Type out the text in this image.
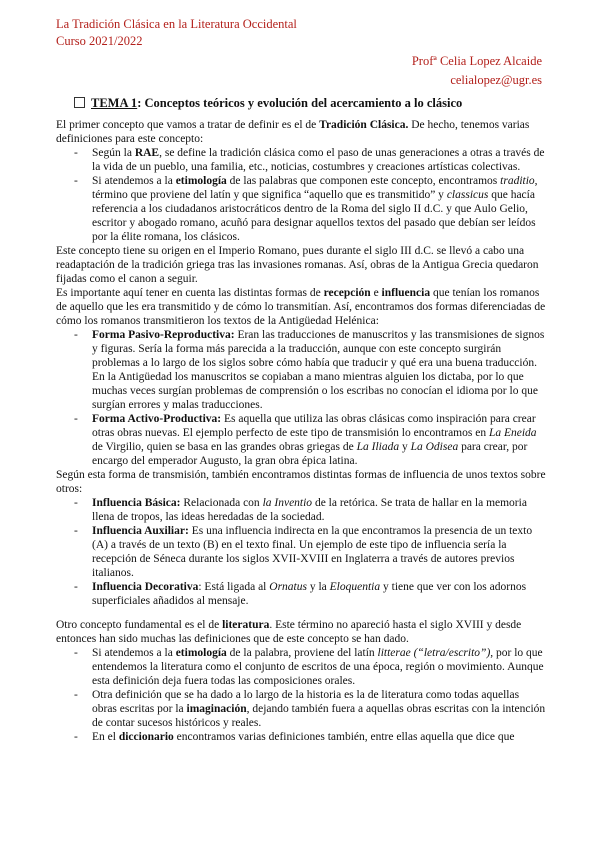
La Tradición Clásica en la Literatura Occidental
Curso 2021/2022
Profª Celia Lopez Alcaide
celialopez@ugr.es
TEMA 1: Conceptos teóricos y evolución del acercamiento a lo clásico

El primer concepto que vamos a tratar de definir es el de Tradición Clásica. De hecho, tenemos varias definiciones para este concepto:

- Según la RAE, se define la tradición clásica como el paso de unas generaciones a otras a través de la vida de un pueblo, una familia, etc., noticias, costumbres y creaciones artísticas colectivas.
- Si atendemos a la etimología de las palabras que componen este concepto, encontramos traditio, término que proviene del latín y que significa “aquello que es transmitido” y classicus que hacía referencia a los ciudadanos aristocráticos dentro de la Roma del siglo II d.C. y que Aulo Gelio, escritor y abogado romano, acuñó para designar aquellos textos del pasado que debían ser leídos por la élite romana, los clásicos.

Este concepto tiene su origen en el Imperio Romano, pues durante el siglo III d.C. se llevó a cabo una readaptación de la tradición griega tras las invasiones romanas. Así, obras de la Antigua Grecia quedaron fijadas como el canon a seguir.

Es importante aquí tener en cuenta las distintas formas de recepción e influencia que tenían los romanos de aquello que les era transmitido y de cómo lo transmitían. Así, encontramos dos formas diferenciadas de cómo los romanos transmitieron los textos de la Antigüedad Helénica:

- Forma Pasivo-Reproductiva: Eran las traducciones de manuscritos y las transmisiones de signos y figuras. Sería la forma más parecida a la traducción, aunque con este concepto surgirán problemas a lo largo de los siglos sobre cómo había que traducir y qué era una buena traducción. En la Antigüedad los manuscritos se copiaban a mano mientras alguien los dictaba, por lo que muchas veces surgían problemas de comprensión o los escribas no conocían el idioma por lo que surgían errores y malas traducciones.
- Forma Activo-Productiva: Es aquella que utiliza las obras clásicas como inspiración para crear otras obras nuevas. El ejemplo perfecto de este tipo de transmisión lo encontramos en La Eneida de Virgilio, quien se basa en las grandes obras griegas de La Iliada y La Odisea para crear, por encargo del emperador Augusto, la gran obra épica latina.

Según esta forma de transmisión, también encontramos distintas formas de influencia de unos textos sobre otros:

- Influencia Básica: Relacionada con la Inventio de la retórica. Se trata de hallar en la memoria llena de tropos, las ideas heredadas de la sociedad.
- Influencia Auxiliar: Es una influencia indirecta en la que encontramos la presencia de un texto (A) a través de un texto (B) en el texto final. Un ejemplo de este tipo de influencia sería la recepción de Séneca durante los siglos XVII-XVIII en Inglaterra a través de autores previos italianos.
- Influencia Decorativa: Está ligada al Ornatus y la Eloquentia y tiene que ver con los adornos superficiales añadidos al mensaje.

Otro concepto fundamental es el de literatura. Este término no apareció hasta el siglo XVIII y desde entonces han sido muchas las definiciones que de este concepto se han dado.

- Si atendemos a la etimología de la palabra, proviene del latín litterae (“letra/escrito”), por lo que entendemos la literatura como el conjunto de escritos de una época, región o movimiento. Aunque esta definición deja fuera todas las composiciones orales.
- Otra definición que se ha dado a lo largo de la historia es la de literatura como todas aquellas obras escritas por la imaginación, dejando también fuera a aquellas obras escritas con la intención de contar sucesos históricos y reales.
- En el diccionario encontramos varias definiciones también, entre ellas aquella que dice que
